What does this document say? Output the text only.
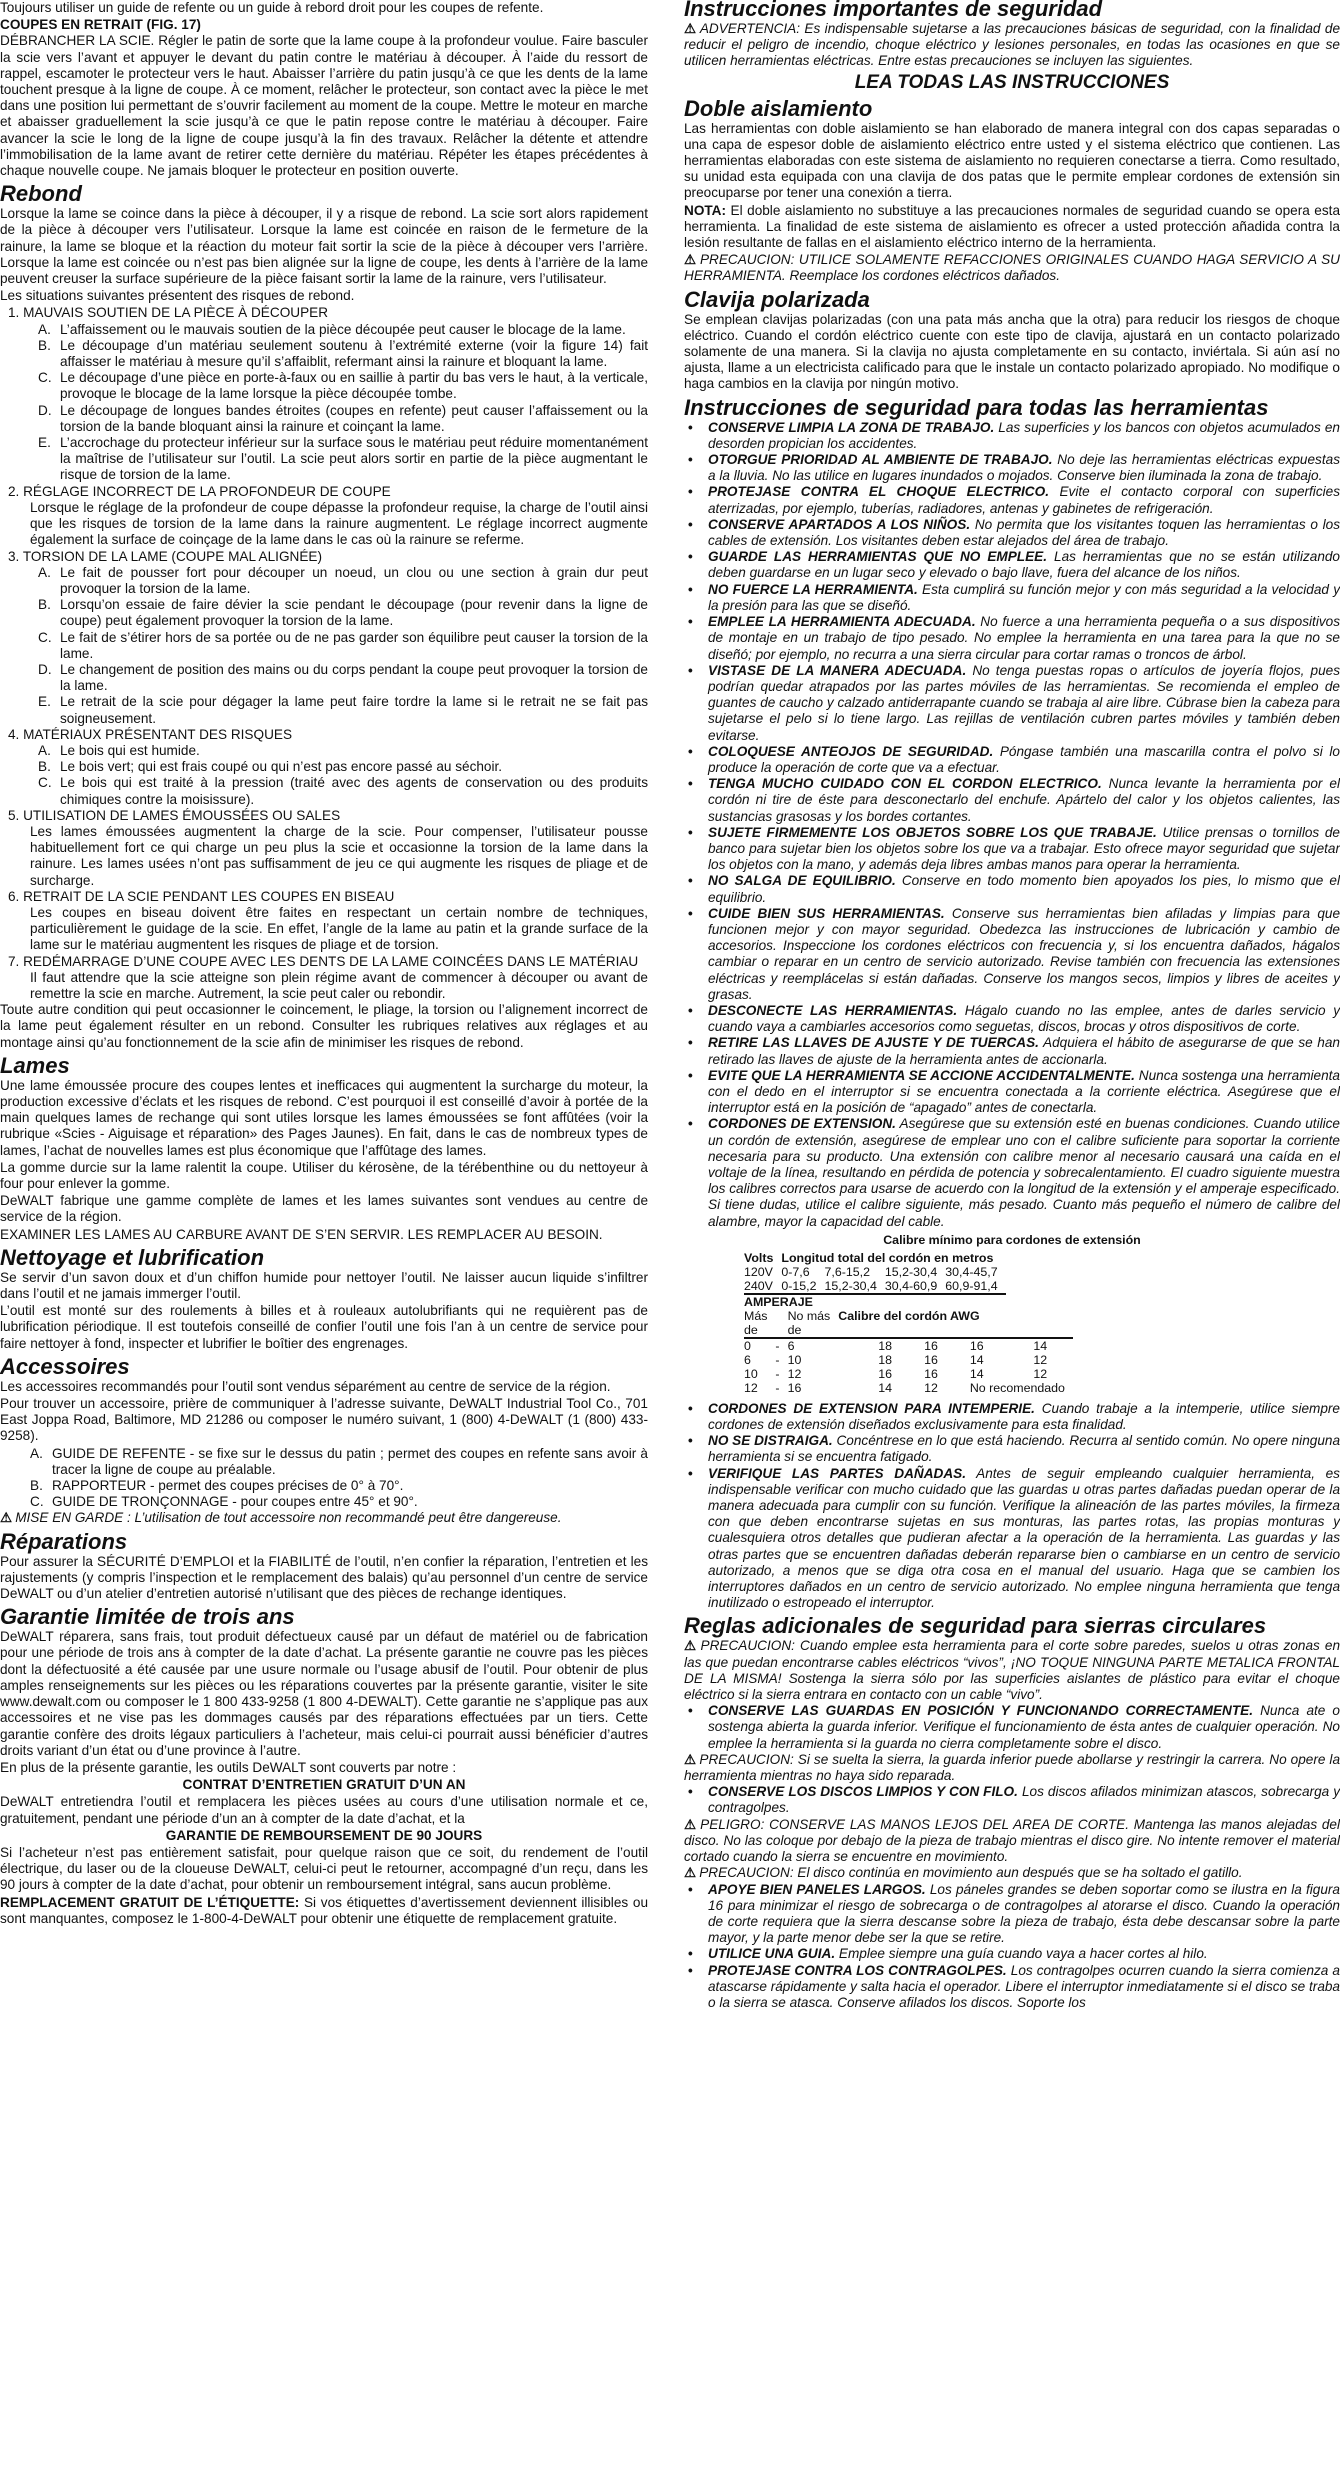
Toujours utiliser un guide de refente ou un guide à rebord droit pour les coupes de refente.

COUPES EN RETRAIT (FIG. 17)

DÉBRANCHER LA SCIE. Régler le patin de sorte que la lame coupe à la profondeur voulue. Faire basculer la scie vers l’avant et appuyer le devant du patin contre le matériau à découper. À l’aide du ressort de rappel, escamoter le protecteur vers le haut. Abaisser l’arrière du patin jusqu’à ce que les dents de la lame touchent presque à la ligne de coupe. À ce moment, relâcher le protecteur, son contact avec la pièce le met dans une position lui permettant de s’ouvrir facilement au moment de la coupe. Mettre le moteur en marche et abaisser graduellement la scie jusqu’à ce que le patin repose contre le matériau à découper. Faire avancer la scie le long de la ligne de coupe jusqu’à la fin des travaux. Relâcher la détente et attendre l’immobilisation de la lame avant de retirer cette dernière du matériau. Répéter les étapes précédentes à chaque nouvelle coupe. Ne jamais bloquer le protecteur en position ouverte.

Rebond

Lorsque la lame se coince dans la pièce à découper, il y a risque de rebond. La scie sort alors rapidement de la pièce à découper vers l’utilisateur. Lorsque la lame est coincée en raison de le fermeture de la rainure, la lame se bloque et la réaction du moteur fait sortir la scie de la pièce à découper vers l’arrière. Lorsque la lame est coincée ou n’est pas bien alignée sur la ligne de coupe, les dents à l’arrière de la lame peuvent creuser la surface supérieure de la pièce faisant sortir la lame de la rainure, vers l’utilisateur.

Les situations suivantes présentent des risques de rebond.

1. MAUVAIS SOUTIEN DE LA PIÈCE À DÉCOUPER
A. L’affaissement ou le mauvais soutien de la pièce découpée peut causer le blocage de la lame.
B. Le découpage d’un matériau seulement soutenu à l’extrémité externe (voir la figure 14) fait affaisser le matériau à mesure qu’il s’affaiblit, refermant ainsi la rainure et bloquant la lame.
C. Le découpage d’une pièce en porte-à-faux ou en saillie à partir du bas vers le haut, à la verticale, provoque le blocage de la lame lorsque la pièce découpée tombe.
D. Le découpage de longues bandes étroites (coupes en refente) peut causer l’affaissement ou la torsion de la bande bloquant ainsi la rainure et coinçant la lame.
E. L’accrochage du protecteur inférieur sur la surface sous le matériau peut réduire momentanément la maîtrise de l’utilisateur sur l’outil. La scie peut alors sortir en partie de la pièce augmentant le risque de torsion de la lame.
2. RÉGLAGE INCORRECT DE LA PROFONDEUR DE COUPE
Lorsque le réglage de la profondeur de coupe dépasse la profondeur requise, la charge de l’outil ainsi que les risques de torsion de la lame dans la rainure augmentent. Le réglage incorrect augmente également la surface de coinçage de la lame dans le cas où la rainure se referme.
3. TORSION DE LA LAME (COUPE MAL ALIGNÉE)
A. Le fait de pousser fort pour découper un noeud, un clou ou une section à grain dur peut provoquer la torsion de la lame.
B. Lorsqu’on essaie de faire dévier la scie pendant le découpage (pour revenir dans la ligne de coupe) peut également provoquer la torsion de la lame.
C. Le fait de s’étirer hors de sa portée ou de ne pas garder son équilibre peut causer la torsion de la lame.
D. Le changement de position des mains ou du corps pendant la coupe peut provoquer la torsion de la lame.
E. Le retrait de la scie pour dégager la lame peut faire tordre la lame si le retrait ne se fait pas soigneusement.
4. MATÉRIAUX PRÉSENTANT DES RISQUES
A. Le bois qui est humide.
B. Le bois vert; qui est frais coupé ou qui n’est pas encore passé au séchoir.
C. Le bois qui est traité à la pression (traité avec des agents de conservation ou des produits chimiques contre la moisissure).
5. UTILISATION DE LAMES ÉMOUSSÉES OU SALES
Les lames émoussées augmentent la charge de la scie. Pour compenser, l’utilisateur pousse habituellement fort ce qui charge un peu plus la scie et occasionne la torsion de la lame dans la rainure. Les lames usées n’ont pas suffisamment de jeu ce qui augmente les risques de pliage et de surcharge.
6. RETRAIT DE LA SCIE PENDANT LES COUPES EN BISEAU
Les coupes en biseau doivent être faites en respectant un certain nombre de techniques, particulièrement le guidage de la scie. En effet, l’angle de la lame au patin et la grande surface de la lame sur le matériau augmentent les risques de pliage et de torsion.
7. REDÉMARRAGE D’UNE COUPE AVEC LES DENTS DE LA LAME COINCÉES DANS LE MATÉRIAU
Il faut attendre que la scie atteigne son plein régime avant de commencer à découper ou avant de remettre la scie en marche. Autrement, la scie peut caler ou rebondir.

Toute autre condition qui peut occasionner le coincement, le pliage, la torsion ou l’alignement incorrect de la lame peut également résulter en un rebond. Consulter les rubriques relatives aux réglages et au montage ainsi qu’au fonctionnement de la scie afin de minimiser les risques de rebond.

Lames

Une lame émoussée procure des coupes lentes et inefficaces qui augmentent la surcharge du moteur, la production excessive d’éclats et les risques de rebond. C’est pourquoi il est conseillé d’avoir à portée de la main quelques lames de rechange qui sont utiles lorsque les lames émoussées se font affûtées (voir la rubrique «Scies - Aiguisage et réparation» des Pages Jaunes). En fait, dans le cas de nombreux types de lames, l’achat de nouvelles lames est plus économique que l’affûtage des lames.

La gomme durcie sur la lame ralentit la coupe. Utiliser du kérosène, de la térébenthine ou du nettoyeur à four pour enlever la gomme.

DeWALT fabrique une gamme complète de lames et les lames suivantes sont vendues au centre de service de la région.

EXAMINER LES LAMES AU CARBURE AVANT DE S’EN SERVIR. LES REMPLACER AU BESOIN.

Nettoyage et lubrification

Se servir d’un savon doux et d’un chiffon humide pour nettoyer l’outil. Ne laisser aucun liquide s’infiltrer dans l’outil et ne jamais immerger l’outil.

L’outil est monté sur des roulements à billes et à rouleaux autolubrifiants qui ne requièrent pas de lubrification périodique. Il est toutefois conseillé de confier l’outil une fois l’an à un centre de service pour faire nettoyer à fond, inspecter et lubrifier le boîtier des engrenages.

Accessoires

Les accessoires recommandés pour l’outil sont vendus séparément au centre de service de la région.

Pour trouver un accessoire, prière de communiquer à l’adresse suivante, DeWALT Industrial Tool Co., 701 East Joppa Road, Baltimore, MD 21286 ou composer le numéro suivant, 1 (800) 4-DeWALT (1 (800) 433-9258).

A. GUIDE DE REFENTE - se fixe sur le dessus du patin ; permet des coupes en refente sans avoir à tracer la ligne de coupe au préalable.
B. RAPPORTEUR - permet des coupes précises de 0° à 70°.
C. GUIDE DE TRONÇONNAGE - pour coupes entre 45° et 90°.

⚠ MISE EN GARDE : L’utilisation de tout accessoire non recommandé peut être dangereuse.

Réparations

Pour assurer la SÉCURITÉ D’EMPLOI et la FIABILITÉ de l’outil, n’en confier la réparation, l’entretien et les rajustements (y compris l’inspection et le remplacement des balais) qu’au personnel d’un centre de service DeWALT ou d’un atelier d’entretien autorisé n’utilisant que des pièces de rechange identiques.

Garantie limitée de trois ans

DeWALT réparera, sans frais, tout produit défectueux causé par un défaut de matériel ou de fabrication pour une période de trois ans à compter de la date d’achat. La présente garantie ne couvre pas les pièces dont la défectuosité a été causée par une usure normale ou l’usage abusif de l’outil. Pour obtenir de plus amples renseignements sur les pièces ou les réparations couvertes par la présente garantie, visiter le site www.dewalt.com ou composer le 1 800 433-9258 (1 800 4-DEWALT). Cette garantie ne s’applique pas aux accessoires et ne vise pas les dommages causés par des réparations effectuées par un tiers. Cette garantie confère des droits légaux particuliers à l’acheteur, mais celui-ci pourrait aussi bénéficier d’autres droits variant d’un état ou d’une province à l’autre.

En plus de la présente garantie, les outils DeWALT sont couverts par notre :

CONTRAT D’ENTRETIEN GRATUIT D’UN AN

DeWALT entretiendra l’outil et remplacera les pièces usées au cours d’une utilisation normale et ce, gratuitement, pendant une période d’un an à compter de la date d’achat, et la

GARANTIE DE REMBOURSEMENT DE 90 JOURS

Si l’acheteur n’est pas entièrement satisfait, pour quelque raison que ce soit, du rendement de l’outil électrique, du laser ou de la cloueuse DeWALT, celui-ci peut le retourner, accompagné d’un reçu, dans les 90 jours à compter de la date d’achat, pour obtenir un remboursement intégral, sans aucun problème.

REMPLACEMENT GRATUIT DE L’ÉTIQUETTE: Si vos étiquettes d’avertissement deviennent illisibles ou sont manquantes, composez le 1-800-4-DeWALT pour obtenir une étiquette de remplacement gratuite.

Instrucciones importantes de seguridad

⚠ ADVERTENCIA: Es indispensable sujetarse a las precauciones básicas de seguridad, con la finalidad de reducir el peligro de incendio, choque eléctrico y lesiones personales, en todas las ocasiones en que se utilicen herramientas eléctricas. Entre estas precauciones se incluyen las siguientes.

LEA TODAS LAS INSTRUCCIONES
Doble aislamiento

Las herramientas con doble aislamiento se han elaborado de manera integral con dos capas separadas o una capa de espesor doble de aislamiento eléctrico entre usted y el sistema eléctrico que contienen. Las herramientas elaboradas con este sistema de aislamiento no requieren conectarse a tierra. Como resultado, su unidad esta equipada con una clavija de dos patas que le permite emplear cordones de extensión sin preocuparse por tener una conexión a tierra.

NOTA: El doble aislamiento no substituye a las precauciones normales de seguridad cuando se opera esta herramienta. La finalidad de este sistema de aislamiento es ofrecer a usted protección añadida contra la lesión resultante de fallas en el aislamiento eléctrico interno de la herramienta.

⚠ PRECAUCION: UTILICE SOLAMENTE REFACCIONES ORIGINALES CUANDO HAGA SERVICIO A SU HERRAMIENTA. Reemplace los cordones eléctricos dañados.

Clavija polarizada

Se emplean clavijas polarizadas (con una pata más ancha que la otra) para reducir los riesgos de choque eléctrico. Cuando el cordón eléctrico cuente con este tipo de clavija, ajustará en un contacto polarizado solamente de una manera. Si la clavija no ajusta completamente en su contacto, inviértala. Si aún así no ajusta, llame a un electricista calificado para que le instale un contacto polarizado apropiado. No modifique o haga cambios en la clavija por ningún motivo.

Instrucciones de seguridad para todas las herramientas
•	CONSERVE LIMPIA LA ZONA DE TRABAJO. Las superficies y los bancos con objetos acumulados en desorden propician los accidentes.
•	OTORGUE PRIORIDAD AL AMBIENTE DE TRABAJO. No deje las herramientas eléctricas expuestas a la lluvia. No las utilice en lugares inundados o mojados. Conserve bien iluminada la zona de trabajo.
•	PROTEJASE CONTRA EL CHOQUE ELECTRICO. Evite el contacto corporal con superficies aterrizadas, por ejemplo, tuberías, radiadores, antenas y gabinetes de refrigeración.
•	CONSERVE APARTADOS A LOS NIÑOS. No permita que los visitantes toquen las herramientas o los cables de extensión. Los visitantes deben estar alejados del área de trabajo.
•	GUARDE LAS HERRAMIENTAS QUE NO EMPLEE. Las herramientas que no se están utilizando deben guardarse en un lugar seco y elevado o bajo llave, fuera del alcance de los niños.
•	NO FUERCE LA HERRAMIENTA. Esta cumplirá su función mejor y con más seguridad a la velocidad y la presión para las que se diseñó.
•	EMPLEE LA HERRAMIENTA ADECUADA. No fuerce a una herramienta pequeña o a sus dispositivos de montaje en un trabajo de tipo pesado. No emplee la herramienta en una tarea para la que no se diseñó; por ejemplo, no recurra a una sierra circular para cortar ramas o troncos de árbol.
•	VISTASE DE LA MANERA ADECUADA. No tenga puestas ropas o artículos de joyería flojos, pues podrían quedar atrapados por las partes móviles de las herramientas. Se recomienda el empleo de guantes de caucho y calzado antiderrapante cuando se trabaja al aire libre. Cúbrase bien la cabeza para sujetarse el pelo si lo tiene largo. Las rejillas de ventilación cubren partes móviles y también deben evitarse.
•	COLOQUESE ANTEOJOS DE SEGURIDAD. Póngase también una mascarilla contra el polvo si lo produce la operación de corte que va a efectuar.
•	TENGA MUCHO CUIDADO CON EL CORDON ELECTRICO. Nunca levante la herramienta por el cordón ni tire de éste para desconectarlo del enchufe. Apártelo del calor y los objetos calientes, las sustancias grasosas y los bordes cortantes.
•	SUJETE FIRMEMENTE LOS OBJETOS SOBRE LOS QUE TRABAJE. Utilice prensas o tornillos de banco para sujetar bien los objetos sobre los que va a trabajar. Esto ofrece mayor seguridad que sujetar los objetos con la mano, y además deja libres ambas manos para operar la herramienta.
•	NO SALGA DE EQUILIBRIO. Conserve en todo momento bien apoyados los pies, lo mismo que el equilibrio.
•	CUIDE BIEN SUS HERRAMIENTAS. Conserve sus herramientas bien afiladas y limpias para que funcionen mejor y con mayor seguridad. Obedezca las instrucciones de lubricación y cambio de accesorios. Inspeccione los cordones eléctricos con frecuencia y, si los encuentra dañados, hágalos cambiar o reparar en un centro de servicio autorizado. Revise también con frecuencia las extensiones eléctricas y reemplácelas si están dañadas. Conserve los mangos secos, limpios y libres de aceites y grasas.
•	DESCONECTE LAS HERRAMIENTAS. Hágalo cuando no las emplee, antes de darles servicio y cuando vaya a cambiarles accesorios como seguetas, discos, brocas y otros dispositivos de corte.
•	RETIRE LAS LLAVES DE AJUSTE Y DE TUERCAS. Adquiera el hábito de asegurarse de que se han retirado las llaves de ajuste de la herramienta antes de accionarla.
•	EVITE QUE LA HERRAMIENTA SE ACCIONE ACCIDENTALMENTE. Nunca sostenga una herramienta con el dedo en el interruptor si se encuentra conectada a la corriente eléctrica. Asegúrese que el interruptor está en la posición de “apagado” antes de conectarla.
•	CORDONES DE EXTENSION. Asegúrese que su extensión esté en buenas condiciones. Cuando utilice un cordón de extensión, asegúrese de emplear uno con el calibre suficiente para soportar la corriente necesaria para su producto. Una extensión con calibre menor al necesario causará una caída en el voltaje de la línea, resultando en pérdida de potencia y sobrecalentamiento. El cuadro siguiente muestra los calibres correctos para usarse de acuerdo con la longitud de la extensión y el amperaje especificado. Si tiene dudas, utilice el calibre siguiente, más pesado. Cuanto más pequeño el número de calibre del alambre, mayor la capacidad del cable.
Calibre mínimo para cordones de extensión
Volts	Longitud total del cordón en metros			
120V	0-7,6	7,6-15,2	15,2-30,4	30,4-45,7
240V	0-15,2	15,2-30,4	30,4-60,9	60,9-91,4
AMPERAJE						
Más		No más	Calibre del cordón AWG			
de		de				
0	-	6	18	16	16	14
6	-	10	18	16	14	12
10	-	12	16	16	14	12
12	-	16	14	12	No recomendado	
•	CORDONES DE EXTENSION PARA INTEMPERIE. Cuando trabaje a la intemperie, utilice siempre cordones de extensión diseñados exclusivamente para esta finalidad.
•	NO SE DISTRAIGA. Concéntrese en lo que está haciendo. Recurra al sentido común. No opere ninguna herramienta si se encuentra fatigado.
•	VERIFIQUE LAS PARTES DAÑADAS. Antes de seguir empleando cualquier herramienta, es indispensable verificar con mucho cuidado que las guardas u otras partes dañadas puedan operar de la manera adecuada para cumplir con su función. Verifique la alineación de las partes móviles, la firmeza con que deben encontrarse sujetas en sus monturas, las partes rotas, las propias monturas y cualesquiera otros detalles que pudieran afectar a la operación de la herramienta. Las guardas y las otras partes que se encuentren dañadas deberán repararse bien o cambiarse en un centro de servicio autorizado, a menos que se diga otra cosa en el manual del usuario. Haga que se cambien los interruptores dañados en un centro de servicio autorizado. No emplee ninguna herramienta que tenga inutilizado o estropeado el interruptor.
Reglas adicionales de seguridad para sierras circulares

⚠ PRECAUCION: Cuando emplee esta herramienta para el corte sobre paredes, suelos u otras zonas en las que puedan encontrarse cables eléctricos “vivos”, ¡NO TOQUE NINGUNA PARTE METALICA FRONTAL DE LA MISMA! Sostenga la sierra sólo por las superficies aislantes de plástico para evitar el choque eléctrico si la sierra entrara en contacto con un cable “vivo”.

•	CONSERVE LAS GUARDAS EN POSICIÓN Y FUNCIONANDO CORRECTAMENTE. Nunca ate o sostenga abierta la guarda inferior. Verifique el funcionamiento de ésta antes de cualquier operación. No emplee la herramienta si la guarda no cierra completamente sobre el disco.

⚠ PRECAUCION: Si se suelta la sierra, la guarda inferior puede abollarse y restringir la carrera. No opere la herramienta mientras no haya sido reparada.

•	CONSERVE LOS DISCOS LIMPIOS Y CON FILO. Los discos afilados minimizan atascos, sobrecarga y contragolpes.

⚠ PELIGRO: CONSERVE LAS MANOS LEJOS DEL AREA DE CORTE. Mantenga las manos alejadas del disco. No las coloque por debajo de la pieza de trabajo mientras el disco gire. No intente remover el material cortado cuando la sierra se encuentre en movimiento.

⚠ PRECAUCION: El disco continúa en movimiento aun después que se ha soltado el gatillo.

•	APOYE BIEN PANELES LARGOS. Los páneles grandes se deben soportar como se ilustra en la figura 16 para minimizar el riesgo de sobrecarga o de contragolpes al atorarse el disco. Cuando la operación de corte requiera que la sierra descanse sobre la pieza de trabajo, ésta debe descansar sobre la parte mayor, y la parte menor debe ser la que se retire.
•	UTILICE UNA GUIA. Emplee siempre una guía cuando vaya a hacer cortes al hilo.
•	PROTEJASE CONTRA LOS CONTRAGOLPES. Los contragolpes ocurren cuando la sierra comienza a atascarse rápidamente y salta hacia el operador. Libere el interruptor inmediatamente si el disco se traba o la sierra se atasca. Conserve afilados los discos. Soporte los
